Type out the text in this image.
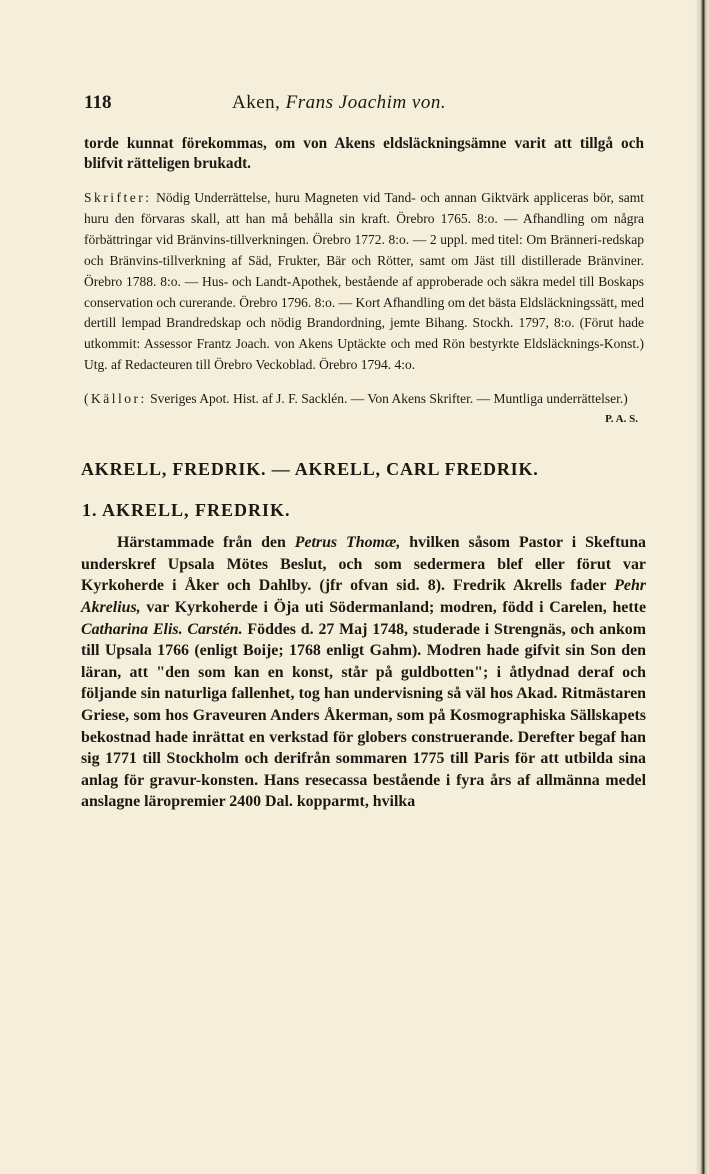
118	Aken, Frans Joachim von.

torde kunnat förekommas, om von Akens eldsläckningsämne varit att tillgå och blifvit rätteligen brukadt.

Skrifter: Nödig Underrättelse, huru Magneten vid Tand- och annan Giktvärk appliceras bör, samt huru den förvaras skall, att han må behålla sin kraft. Örebro 1765. 8:o. — Afhandling om några förbättringar vid Bränvins-tillverkningen. Örebro 1772. 8:o. — 2 uppl. med titel: Om Bränneri-redskap och Bränvins-tillverkning af Säd, Frukter, Bär och Rötter, samt om Jäst till distillerade Bränviner. Örebro 1788. 8:o. — Hus- och Landt-Apothek, bestående af approberade och säkra medel till Boskaps conservation och curerande. Örebro 1796. 8:o. — Kort Afhandling om det bästa Eldsläckningssätt, med dertill lempad Brandredskap och nödig Brandordning, jemte Bihang. Stockh. 1797, 8:o. (Förut hade utkommit: Assessor Frantz Joach. von Akens Uptäckte och med Rön bestyrkte Eldsläcknings-Konst.) Utg. af Redacteuren till Örebro Veckoblad. Örebro 1794. 4:o.

(Källor: Sveriges Apot. Hist. af J. F. Sacklén. — Von Akens Skrifter. — Muntliga underrättelser.)

P. A. S.
AKRELL, FREDRIK. — AKRELL, CARL FREDRIK.
1. AKRELL, FREDRIK.

Härstammade från den Petrus Thomæ, hvilken såsom Pastor i Skeftuna underskref Upsala Mötes Beslut, och som sedermera blef eller förut var Kyrkoherde i Åker och Dahlby. (jfr ofvan sid. 8). Fredrik Akrells fader Pehr Akrelius, var Kyrkoherde i Öja uti Södermanland; modren, född i Carelen, hette Catharina Elis. Carstén. Föddes d. 27 Maj 1748, studerade i Strengnäs, och ankom till Upsala 1766 (enligt Boije; 1768 enligt Gahm). Modren hade gifvit sin Son den läran, att "den som kan en konst, står på guldbotten"; i åtlydnad deraf och följande sin naturliga fallenhet, tog han undervisning så väl hos Akad. Ritmästaren Griese, som hos Graveuren Anders Åkerman, som på Kosmographiska Sällskapets bekostnad hade inrättat en verkstad för globers construerande. Derefter begaf han sig 1771 till Stockholm och derifrån sommaren 1775 till Paris för att utbilda sina anlag för gravur-konsten. Hans resecassa bestående i fyra års af allmänna medel anslagne läropremier 2400 Dal. kopparmt, hvilka
